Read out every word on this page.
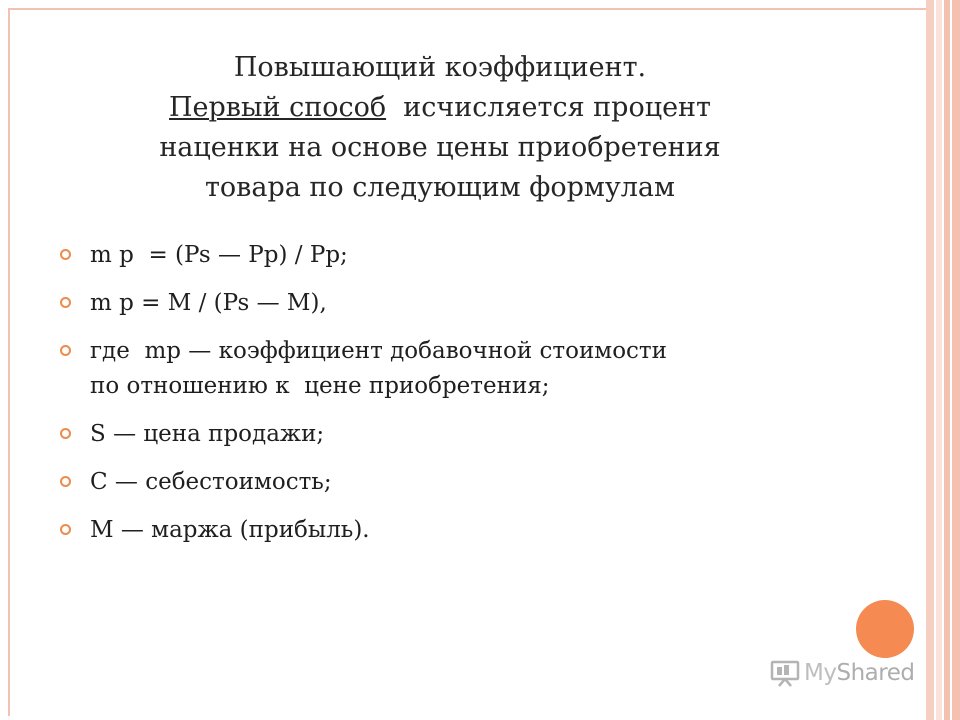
Повышающий коэффициент.
Первый способ  исчисляется процент
наценки на основе цены приобретения
товара по следующим формулам
m p  = (Ps — Pp) / Pp;
m p = M / (Ps — M),
где  mp — коэффициент добавочной стоимости
по отношению к  цене приобретения;
S — цена продажи;
C — себестоимость;
M — маржа (прибыль).
MyShared
